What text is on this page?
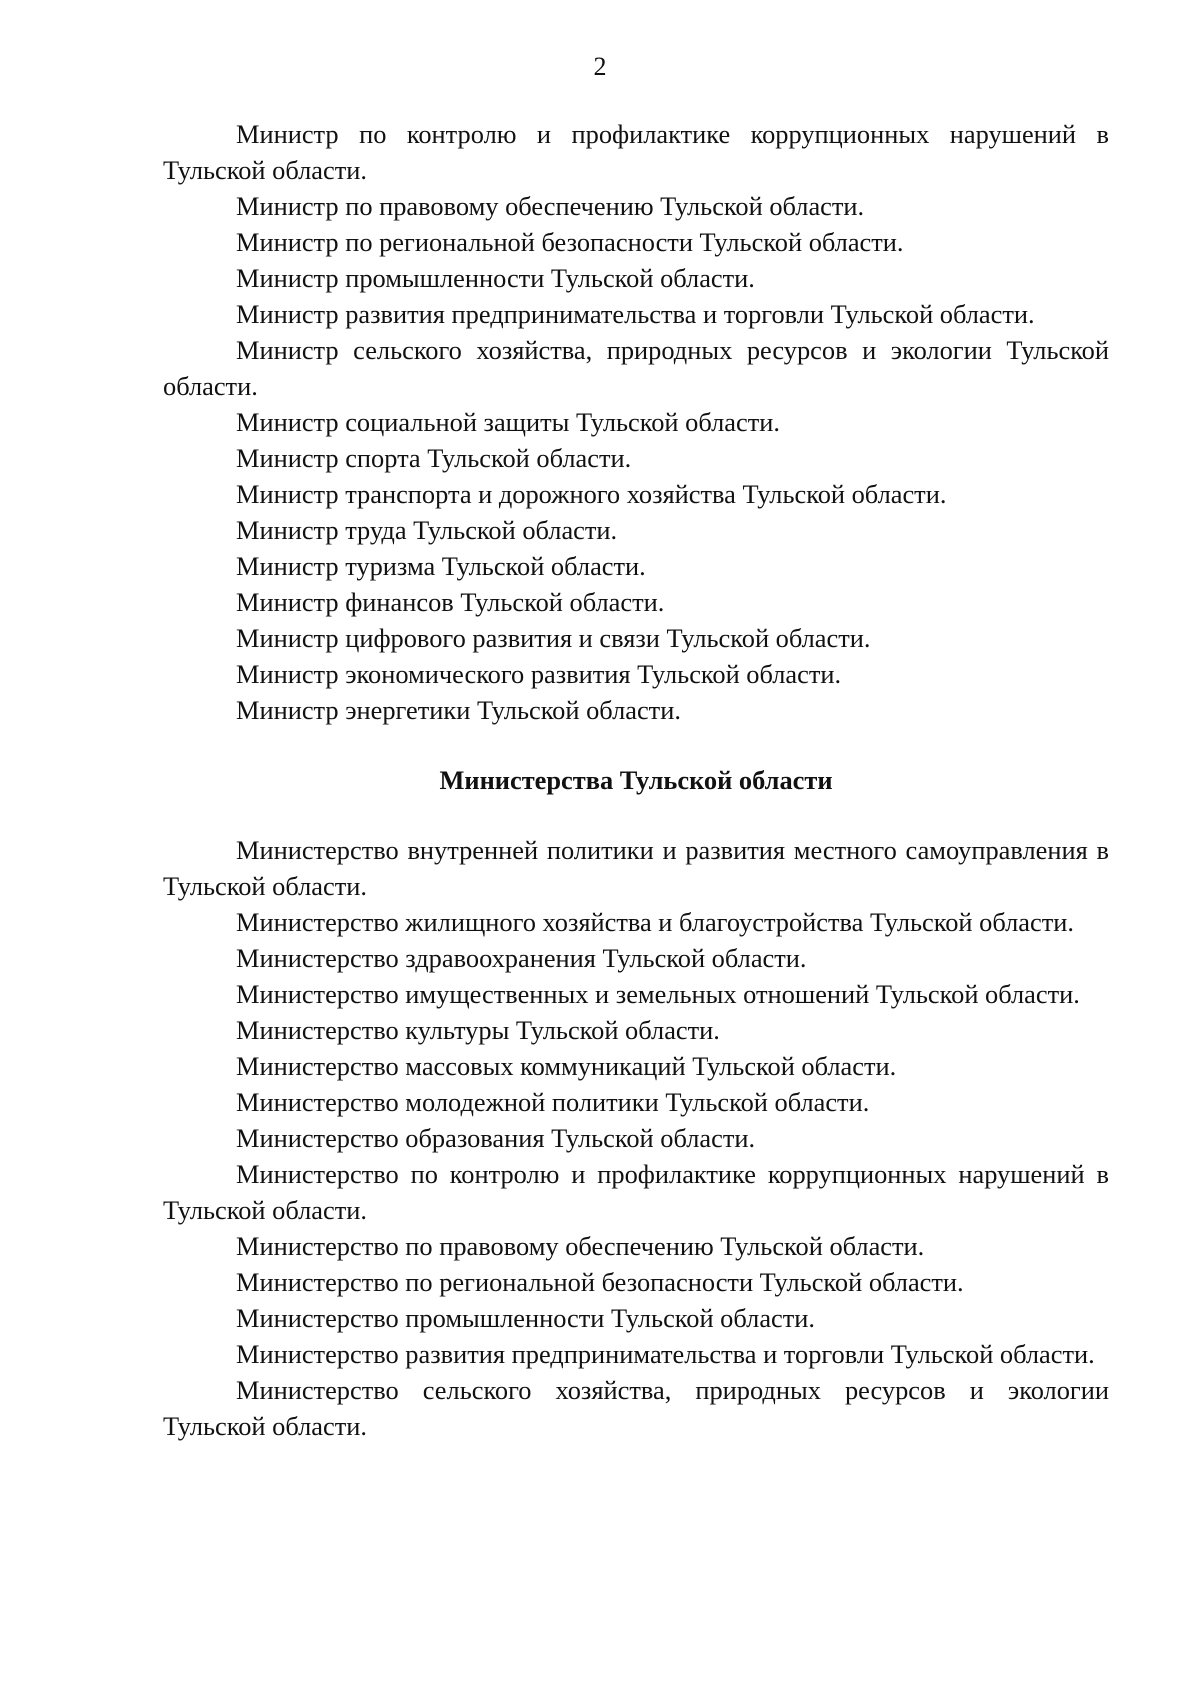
2

Министр по контролю и профилактике коррупционных нарушений в Тульской области.

Министр по правовому обеспечению Тульской области.

Министр по региональной безопасности Тульской области.

Министр промышленности Тульской области.

Министр развития предпринимательства и торговли Тульской области.

Министр сельского хозяйства, природных ресурсов и экологии Тульской области.

Министр социальной защиты Тульской области.

Министр спорта Тульской области.

Министр транспорта и дорожного хозяйства Тульской области.

Министр труда Тульской области.

Министр туризма Тульской области.

Министр финансов Тульской области.

Министр цифрового развития и связи Тульской области.

Министр экономического развития Тульской области.

Министр энергетики Тульской области.

Министерства Тульской области

Министерство внутренней политики и развития местного самоуправления в Тульской области.

Министерство жилищного хозяйства и благоустройства Тульской области.

Министерство здравоохранения Тульской области.

Министерство имущественных и земельных отношений Тульской области.

Министерство культуры Тульской области.

Министерство массовых коммуникаций Тульской области.

Министерство молодежной политики Тульской области.

Министерство образования Тульской области.

Министерство по контролю и профилактике коррупционных нарушений в Тульской области.

Министерство по правовому обеспечению Тульской области.

Министерство по региональной безопасности Тульской области.

Министерство промышленности Тульской области.

Министерство развития предпринимательства и торговли Тульской области.

Министерство сельского хозяйства, природных ресурсов и экологии Тульской области.
